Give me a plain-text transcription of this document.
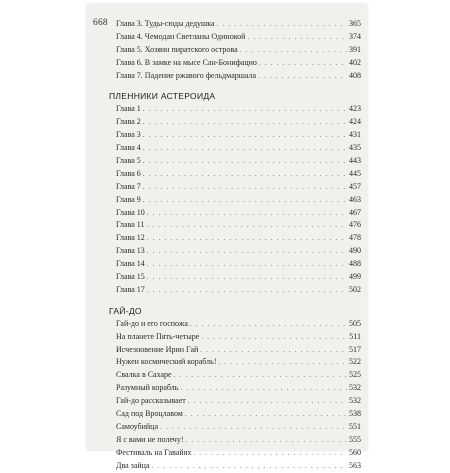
668 Глава 3. Туды-сюды дедушка . . .	365
Глава 4. Чемодан Светланы Одинокой . . .	374
Глава 5. Хозяин пиратского острова . . .	391
Глава 6. В замке на мысе Сан-Бонифацио . . .	402
Глава 7. Падение ржавого фельдмаршала . . .	408
ПЛЕННИКИ АСТЕРОИДА
Глава 1 . . .	423
Глава 2 . . .	424
Глава 3 . . .	431
Глава 4 . . .	435
Глава 5 . . .	443
Глава 6 . . .	445
Глава 7 . . .	457
Глава 9 . . .	463
Глава 10 . . .	467
Глава 11 . . .	476
Глава 12 . . .	478
Глава 13 . . .	490
Глава 14 . . .	488
Глава 15 . . .	499
Глава 17 . . .	502
ГАЙ-ДО
Гай-до и его госпожа . . .	505
На планете Пять-четыре . . .	511
Исчезновение Ирин Гай . . .	517
Нужен космический корабль! . . .	522
Свалка в Сахаре . . .	525
Разумный корабль . . .	532
Гай-до рассказывает . . .	532
Сад под Вроцлавом . . .	538
Самоубийца . . .	551
Я с вами не полечу! . . .	555
Фестиваль на Гавайях . . .	560
Два зайца . . .	563
